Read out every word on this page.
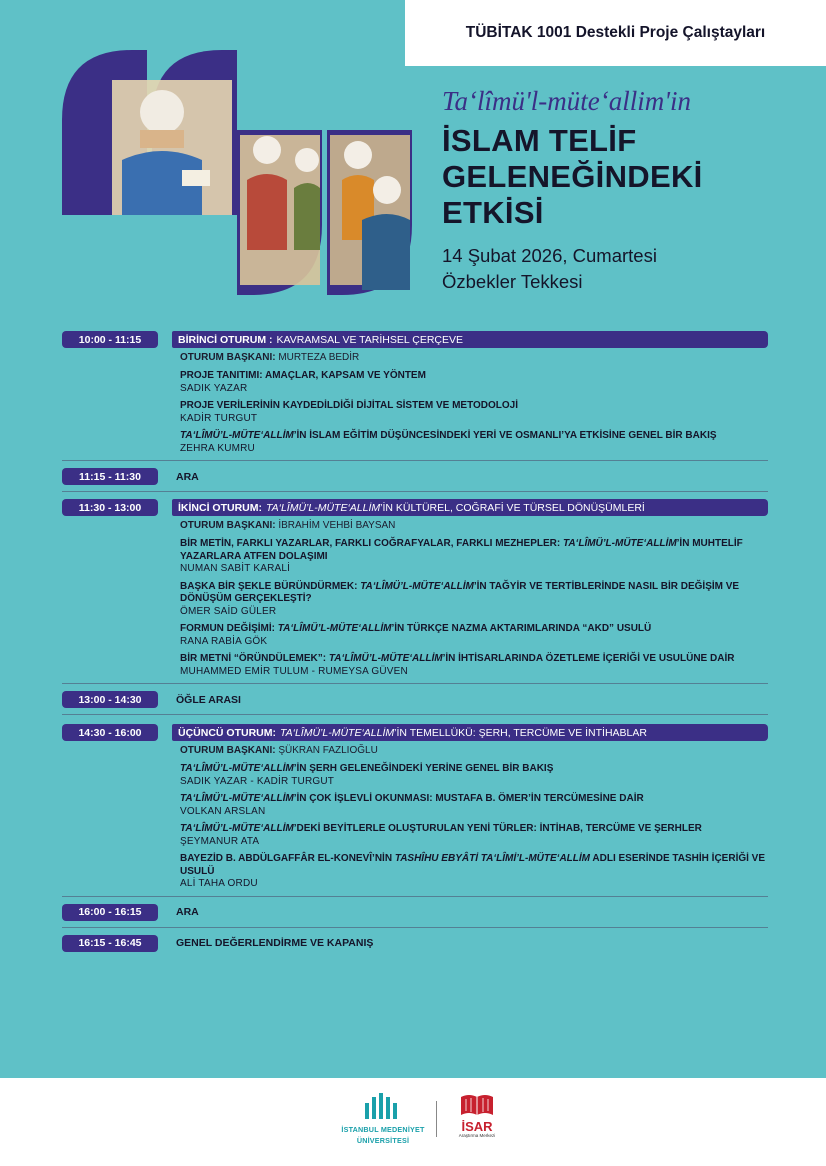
TÜBİTAK 1001 Destekli Proje Çalıştayları
Ta‘lîmü'l-müte‘allim'in
İSLAM TELİF
GELENEĞİNDEKİ
ETKİSİ
14 Şubat 2026, Cumartesi
Özbekler Tekkesi
10:00 - 11:15	BİRİNCİ OTURUM : KAVRAMSAL VE TARİHSEL ÇERÇEVE
OTURUM BAŞKANI: MURTEZA BEDİR
PROJE TANITIMI: AMAÇLAR, KAPSAM VE YÖNTEM
SADIK YAZAR
PROJE VERİLERİNİN KAYDEDİLDİĞİ DİJİTAL SİSTEM VE METODOLOJİ
KADİR TURGUT
TA‘LÎMÜ’L-MÜTE‘ALLİM’İN İSLAM EĞİTİM DÜŞÜNCESİNDEKİ YERİ VE OSMANLI’YA ETKİSİNE GENEL BİR BAKIŞ
ZEHRA KUMRU
11:15 - 11:30	ARA
11:30 - 13:00	İKİNCİ OTURUM: TA‘LÎMÜ’L-MÜTE‘ALLİM ’İN KÜLTÜREL, COĞRAFİ VE TÜRSEL DÖNÜŞÜMLERİ
OTURUM BAŞKANI: İBRAHİM VEHBİ BAYSAN
BİR METİN, FARKLI YAZARLAR, FARKLI COĞRAFYALAR, FARKLI MEZHEPLER: TA‘LÎMÜ’L-MÜTE‘ALLİM’İN MUHTELİF YAZARLARA ATFEN DOLAŞIMI
NUMAN SABİT KARALİ
BAŞKA BİR ŞEKLE BÜRÜNDÜRMEK: TA‘LÎMÜ’L-MÜTE‘ALLİM’İN TAĞYİR VE TERTİBLERİNDE NASIL BİR DEĞİŞİM VE DÖNÜŞÜM GERÇEKLEŞTİ?
ÖMER SAİD GÜLER
FORMUN DEĞİŞİMİ: TA‘LÎMÜ’L-MÜTE‘ALLİM’İN TÜRKÇE NAZMA AKTARIMLARINDA “AKD” USULÜ
RANA RABİA GÖK
BİR METNİ “ÖRÜNDÜLEMEK”: TA‘LÎMÜ’L-MÜTE‘ALLİM’İN İHTİSARLARINDA ÖZETLEME İÇERİĞİ VE USULÜNE DAİR
MUHAMMED EMİR TULUM - RUMEYSA GÜVEN
13:00 - 14:30	ÖĞLE ARASI
14:30 - 16:00	ÜÇÜNCÜ OTURUM: TA‘LÎMÜ’L-MÜTE‘ALLİM ’İN TEMELLÜKÜ: ŞERH, TERCÜME VE İNTİHABLAR
OTURUM BAŞKANI: ŞÜKRAN FAZLIOĞLU
TA‘LÎMÜ’L-MÜTE‘ALLİM’İN ŞERH GELENEĞİNDEKİ YERİNE GENEL BİR BAKIŞ
SADIK YAZAR - KADİR TURGUT
TA‘LÎMÜ’L-MÜTE‘ALLİM’İN ÇOK İŞLEVLİ OKUNMASI: MUSTAFA B. ÖMER’İN TERCÜMESİNE DAİR
VOLKAN ARSLAN
TA‘LÎMÜ’L-MÜTE‘ALLİM’DEKİ BEYİTLERLE OLUŞTURULAN YENİ TÜRLER: İNTİHAB, TERCÜME VE ŞERHLER
ŞEYMANUR ATA
BAYEZİD B. ABDÜLGAFFÂR EL-KONEVÎ’NİN TASHÎHU EBYÂTİ TA‘LÎMİ’L-MÜTE‘ALLİM ADLI ESERİNDE TASHİH İÇERİĞİ VE USULÜ
ALİ TAHA ORDU
16:00 - 16:15	ARA
16:15 - 16:45	GENEL DEĞERLENDİRME VE KAPANIŞ
İSTANBUL MEDENİYET
ÜNİVERSİTESİ
İSAR
Araştırma Merkezi
